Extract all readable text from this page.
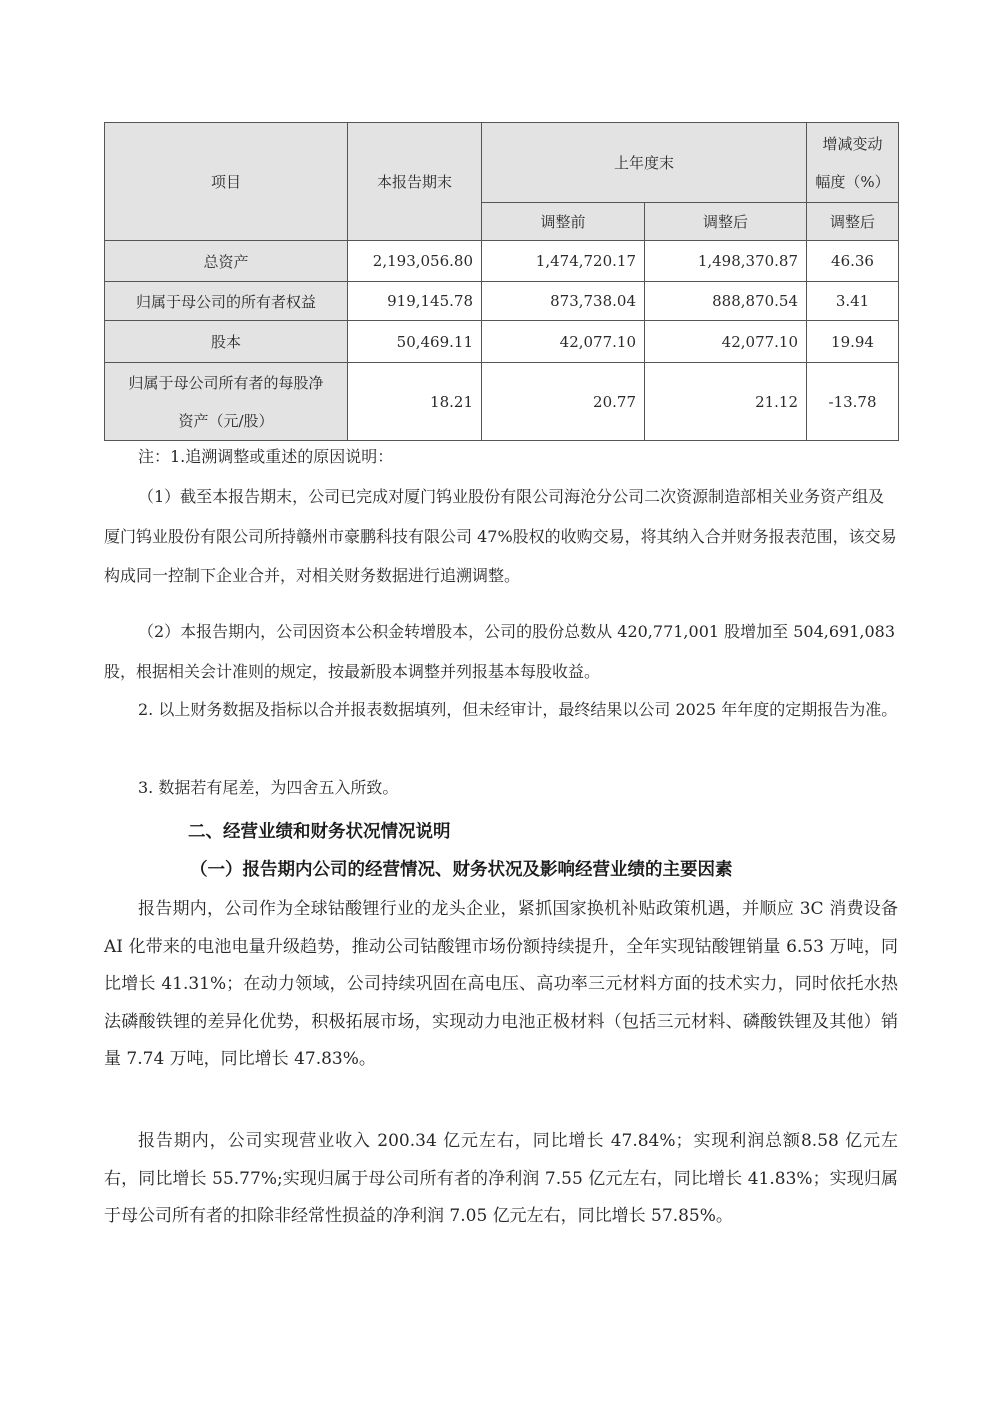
项目	本报告期末	上年度末		增减变动
幅度（%）

		调整前	调整后	调整后
总资产	2,193,056.80	1,474,720.17	1,498,370.87	46.36
归属于母公司的所有者权益	919,145.78	873,738.04	888,870.54	3.41
股本	50,469.11	42,077.10	42,077.10	19.94

归属于母公司所有者的每股净
资产（元/股）	18.21	20.77	21.12	-13.78

注：1.追溯调整或重述的原因说明：

（1）截至本报告期末，公司已完成对厦门钨业股份有限公司海沧分公司二次资源制造部相关业务资产组及厦门钨业股份有限公司所持赣州市豪鹏科技有限公司 47%股权的收购交易，将其纳入合并财务报表范围，该交易构成同一控制下企业合并，对相关财务数据进行追溯调整。

（2）本报告期内，公司因资本公积金转增股本，公司的股份总数从 420,771,001 股增加至 504,691,083 股，根据相关会计准则的规定，按最新股本调整并列报基本每股收益。

2. 以上财务数据及指标以合并报表数据填列，但未经审计，最终结果以公司 2025 年年度的定期报告为准。

3. 数据若有尾差，为四舍五入所致。

二、经营业绩和财务状况情况说明

（一）报告期内公司的经营情况、财务状况及影响经营业绩的主要因素

报告期内，公司作为全球钴酸锂行业的龙头企业，紧抓国家换机补贴政策机遇，并顺应 3C 消费设备 AI 化带来的电池电量升级趋势，推动公司钴酸锂市场份额持续提升，全年实现钴酸锂销量 6.53 万吨，同比增长 41.31%；在动力领域，公司持续巩固在高电压、高功率三元材料方面的技术实力，同时依托水热法磷酸铁锂的差异化优势，积极拓展市场，实现动力电池正极材料（包括三元材料、磷酸铁锂及其他）销量 7.74 万吨，同比增长 47.83%。

报告期内，公司实现营业收入 200.34 亿元左右，同比增长 47.84%；实现利润总额8.58 亿元左右，同比增长 55.77%;实现归属于母公司所有者的净利润 7.55 亿元左右，同比增长 41.83%；实现归属于母公司所有者的扣除非经常性损益的净利润 7.05 亿元左右，同比增长 57.85%。
